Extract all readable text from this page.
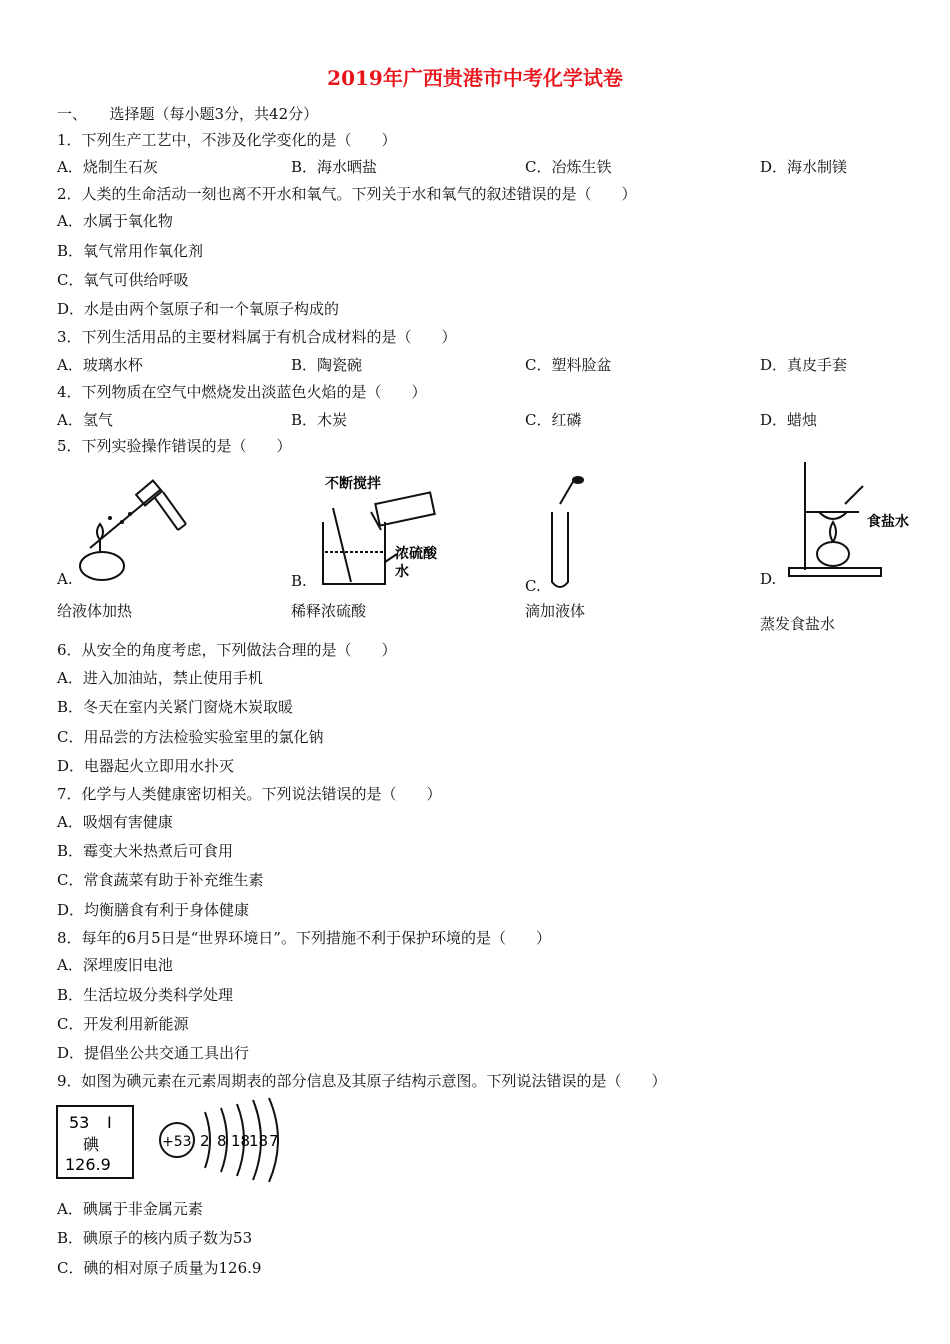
2019年广西贵港市中考化学试卷
一、　　选择题（每小题3分，共42分）
1．下列生产工艺中，不涉及化学变化的是（　　）
A．烧制生石灰	B．海水晒盐	C．冶炼生铁	D．海水制镁
2．人类的生命活动一刻也离不开水和氧气。下列关于水和氧气的叙述错误的是（　　）
A．水属于氧化物
B．氧气常用作氧化剂
C．氧气可供给呼吸
D．水是由两个氢原子和一个氧原子构成的
3．下列生活用品的主要材料属于有机合成材料的是（　　）
A．玻璃水杯	B．陶瓷碗	C．塑料脸盆	D．真皮手套
4．下列物质在空气中燃烧发出淡蓝色火焰的是（　　）
A．氢气	B．木炭	C．红磷	D．蜡烛
5．下列实验操作错误的是（　　）
A.
给液体加热
不断搅拌
浓硫酸
水
B.
稀释浓硫酸
C.
滴加液体
食盐水
D.
蒸发食盐水
6．从安全的角度考虑，下列做法合理的是（　　）
A．进入加油站，禁止使用手机
B．冬天在室内关紧门窗烧木炭取暖
C．用品尝的方法检验实验室里的氯化钠
D．电器起火立即用水扑灭
7．化学与人类健康密切相关。下列说法错误的是（　　）
A．吸烟有害健康
B．霉变大米热煮后可食用
C．常食蔬菜有助于补充维生素
D．均衡膳食有利于身体健康
8．每年的6月5日是“世界环境日”。下列措施不利于保护环境的是（　　）
A．深埋废旧电池
B．生活垃圾分类科学处理
C．开发利用新能源
D．提倡坐公共交通工具出行
9．如图为碘元素在元素周期表的部分信息及其原子结构示意图。下列说法错误的是（　　）
53 I
碘
126.9
+53 2 8 18
18 7
A．碘属于非金属元素
B．碘原子的核内质子数为53
C．碘的相对原子质量为126.9
